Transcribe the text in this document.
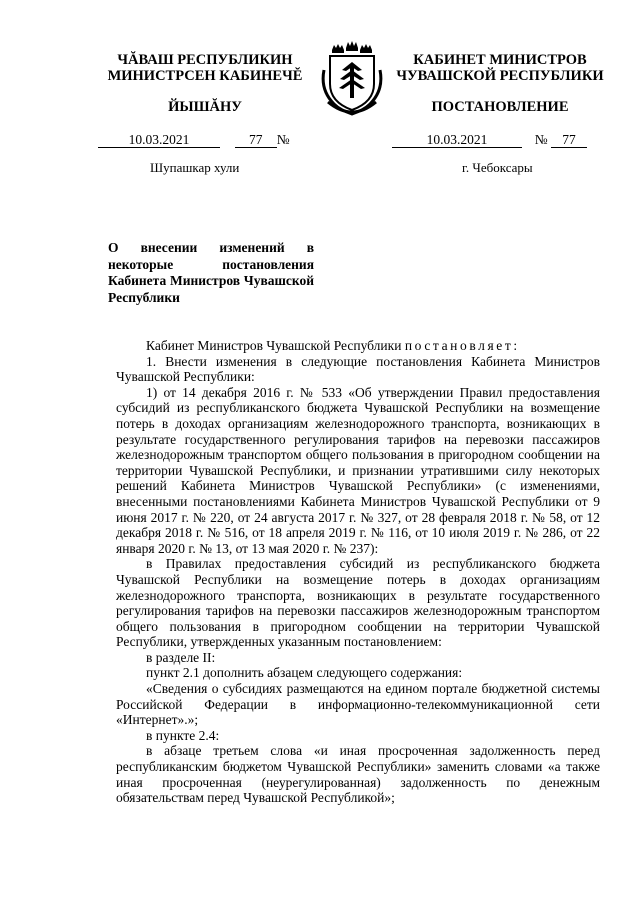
ЧĂВАШ РЕСПУБЛИКИН
МИНИСТРСЕН КАБИНЕЧĔ
ЙЫШĂНУ
КАБИНЕТ МИНИСТРОВ
ЧУВАШСКОЙ РЕСПУБЛИКИ
ПОСТАНОВЛЕНИЕ
10.03.2021	77 №	10.03.2021	№ 77
Шупашкар хули	г. Чебоксары
О внесении изменений в некоторые постановления Кабинета Министров Чувашской Республики

Кабинет Министров Чувашской Республики постановляет:

1. Внести изменения в следующие постановления Кабинета Министров Чувашской Республики:

1) от 14 декабря 2016 г. № 533 «Об утверждении Правил предоставления субсидий из республиканского бюджета Чувашской Республики на возмещение потерь в доходах организациям железнодорожного транспорта, возникающих в результате государственного регулирования тарифов на перевозки пассажиров железнодорожным транспортом общего пользования в пригородном сообщении на территории Чувашской Республики, и признании утратившими силу некоторых решений Кабинета Министров Чувашской Республики» (с изменениями, внесенными постановлениями Кабинета Министров Чувашской Республики от 9 июня 2017 г. № 220, от 24 августа 2017 г. № 327, от 28 февраля 2018 г. № 58, от 12 декабря 2018 г. № 516, от 18 апреля 2019 г. № 116, от 10 июля 2019 г. № 286, от 22 января 2020 г. № 13, от 13 мая 2020 г. № 237):

в Правилах предоставления субсидий из республиканского бюджета Чувашской Республики на возмещение потерь в доходах организациям железнодорожного транспорта, возникающих в результате государственного регулирования тарифов на перевозки пассажиров железнодорожным транспортом общего пользования в пригородном сообщении на территории Чувашской Республики, утвержденных указанным постановлением:

в разделе II:

пункт 2.1 дополнить абзацем следующего содержания:

«Сведения о субсидиях размещаются на едином портале бюджетной системы Российской Федерации в информационно-телекоммуникационной сети «Интернет».»;

в пункте 2.4:

в абзаце третьем слова «и иная просроченная задолженность перед республиканским бюджетом Чувашской Республики» заменить словами «а также иная просроченная (неурегулированная) задолженность по денежным обязательствам перед Чувашской Республикой»;
